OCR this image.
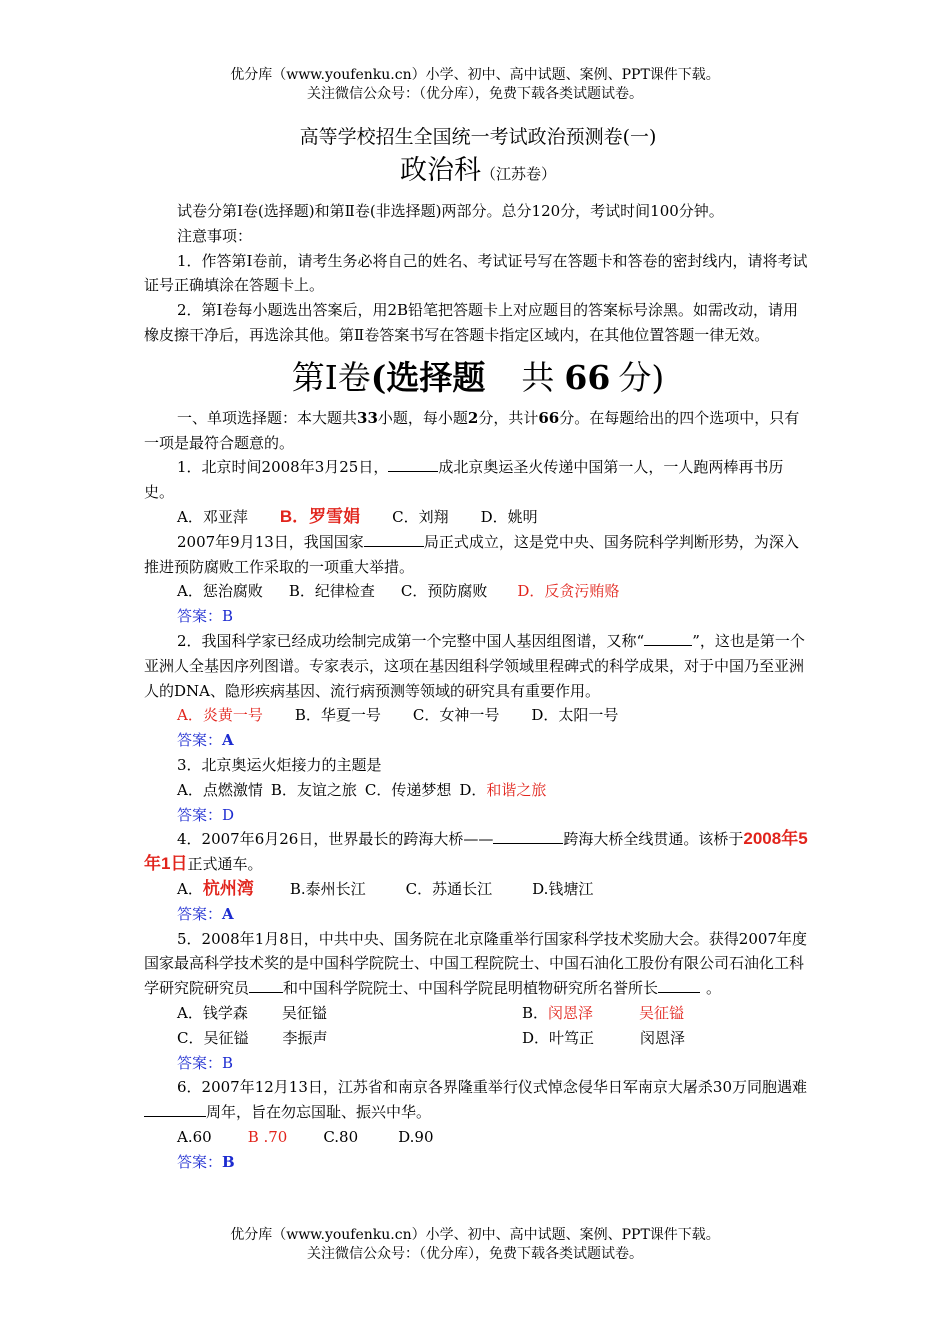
优分库（www.youfenku.cn）小学、初中、高中试题、案例、PPT课件下载。
关注微信公众号：（优分库），免费下载各类试题试卷。
高等学校招生全国统一考试政治预测卷(一)
政治科（江苏卷）

试卷分第Ⅰ卷(选择题)和第Ⅱ卷(非选择题)两部分。总分120分，考试时间100分钟。

注意事项：

1．作答第Ⅰ卷前，请考生务必将自己的姓名、考试证号写在答题卡和答卷的密封线内，请将考试证号正确填涂在答题卡上。

2．第Ⅰ卷每小题选出答案后，用2B铅笔把答题卡上对应题目的答案标号涂黑。如需改动，请用橡皮擦干净后，再选涂其他。第Ⅱ卷答案书写在答题卡指定区域内，在其他位置答题一律无效。

第Ⅰ卷(选择题 共 66 分)

一、单项选择题：本大题共33小题，每小题2分，共计66分。在每题给出的四个选项中，只有一项是最符合题意的。

1．北京时间2008年3月25日，	成北京奥运圣火传递中国第一人，一人跑两棒再书历史。

A．邓亚萍 B．罗雪娟 C．刘翔 D．姚明

2007年9月13日，我国国家	局正式成立，这是党中央、国务院科学判断形势，为深入推进预防腐败工作采取的一项重大举措。

A．惩治腐败 B．纪律检查 C．预防腐败 D．反贪污贿赂

答案：B

2．我国科学家已经成功绘制完成第一个完整中国人基因组图谱，又称“	”，这也是第一个亚洲人全基因序列图谱。专家表示，这项在基因组科学领域里程碑式的科学成果，对于中国乃至亚洲人的DNA、隐形疾病基因、流行病预测等领域的研究具有重要作用。

A．炎黄一号 B．华夏一号 C．女神一号 D．太阳一号

答案：A

3．北京奥运火炬接力的主题是

A．点燃激情 B．友谊之旅 C．传递梦想 D．和谐之旅

答案：D

4．2007年6月26日，世界最长的跨海大桥——	跨海大桥全线贯通。该桥于2008年5年1日正式通车。

A．杭州湾 B.泰州长江	C．苏通长江	D.钱塘江

答案：A

5．2008年1月8日，中共中央、国务院在北京隆重举行国家科学技术奖励大会。获得2007年度国家最高科学技术奖的是中国科学院院士、中国工程院院士、中国石油化工股份有限公司石油化工科学研究院研究员 和中国科学院院士、中国科学院昆明植物研究所名誉所长	。

A．钱学森 吴征镒	B．闵恩泽	吴征镒

C．吴征镒 李振声	D．叶笃正	闵恩泽

答案：B

6．2007年12月13日，江苏省和南京各界隆重举行仪式悼念侵华日军南京大屠杀30万同胞遇难周年，旨在勿忘国耻、振兴中华。

A.60 B .70 C.80	D.90

答案：B

优分库（www.youfenku.cn）小学、初中、高中试题、案例、PPT课件下载。
关注微信公众号：（优分库），免费下载各类试题试卷。
